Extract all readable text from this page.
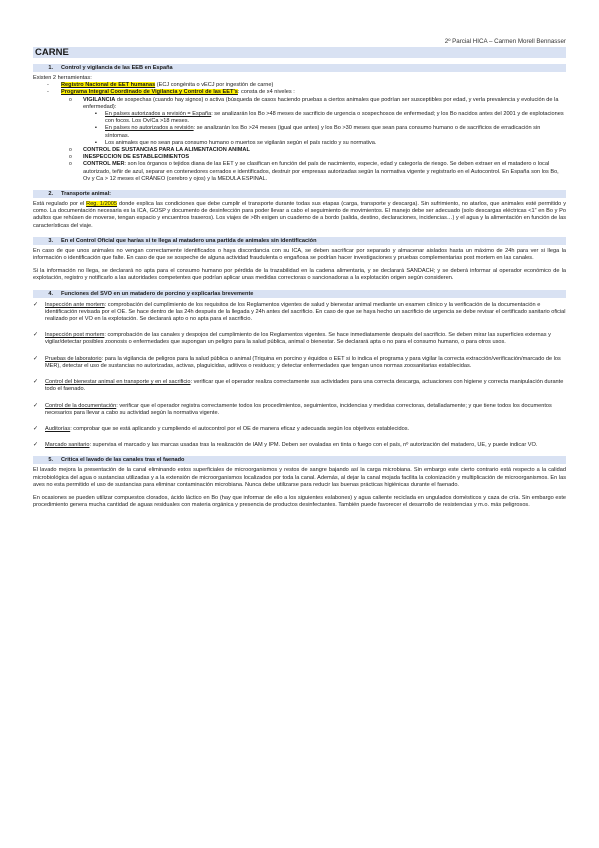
2º Parcial HICA – Carmen Morell Bennasser
CARNE
1. Control y vigilancia de las EEB en España

Existen 2 herramientas:

- Registro Nacional de EET humanas (ECJ congénita o vECJ por ingestión de carne)
- Programa Integral Coordinado de Vigilancia y Control de las EET’s: consta de x4 niveles :
o VIGILANCIA de sospechas (cuando hay signos) o activa (búsqueda de casos haciendo pruebas a ciertos animales que podrían ser susceptibles por edad, y verla prevalencia y evolución de la enfermedad):
▪ En países autorizados a revisión = España: se analizarán los Bo >48 meses de sacrificio de urgencia o sospechosos de enfermedad; y los Bo nacidos antes del 2001 y de explotaciones con focos. Los Ov/Ca >18 meses.
▪ En países no autorizados a revisión: se analizarán los Bo >24 meses (igual que antes) y los Bo >30 meses que sean para consumo humano o de sacrificios de erradicación sin síntomas.
▪ Los animales que no sean para consumo humano o muertos se vigilarán según el país racido y su normativa.
o CONTROL DE SUSTANCIAS PARA LA ALIMENTACION ANIMAL
o INESPECCION DE ESTABLECIMIENTOS
o CONTROL MER: son los órganos o tejidos diana de las EET y se clasifican en función del país de nacimiento, especie, edad y categoría de riesgo. Se deben extraer en el matadero o local autorizado, teñir de azul, separar en contenedores cerrados e identificados, destruir por empresas autorizadas según la normativa vigente y registrarlo en el Autocontrol. En España son los Bo, Ov y Ca > 12 meses el CRÁNEO (cerebro y ojos) y la MEDULA ESPINAL.
2. Transporte animal:

Está regulado por el Reg. 1/2005 donde explica las condiciones que debe cumplir el transporte durante todas sus etapas (carga, transporte y descarga). Sin sufrimiento, no atarlos, que animales esté permitido y como. La documentación necesaria es la ICA, GOSP y documento de desinfección para poder llevar a cabo el seguimiento de movimientos. El manejo debe ser adecuado (solo descargas eléctricas <1” en Bo y Po adultos que rehúsen de moverse, tengan espacio y encuentros traseros). Los viajes de >8h exigen un cuaderno de a bordo (salida, destino, declaraciones, incidencias…) y el agua y la alimentación en función de las características del viaje.

3. En el Control Oficial que harías si te llega al matadero una partida de animales sin identificación

En caso de que unos animales no vengan correctamente identificados o haya discordancia con su ICA, se deben sacrificar por separado y almacenar aislados hasta un máximo de 24h para ver si llega la información o identificación que falte. En caso de que se sospeche de alguna actividad fraudulenta o engañosa se podrían hacer investigaciones y pruebas complementarias post mortem en las canales.

Si la información no llega, se declarará no apta para el consumo humano por pérdida de la trazabilidad en la cadena alimentaria, y se declarará SANDACH; y se deberá informar al operador económico de la explotación, registro y notificarlo a las autoridades competentes que podrían aplicar unas medidas correctoras o sancionadoras a la explotación origen según consideren.

4. Funciones del SVO en un matadero de porcino y explicarlas brevemente
✓ Inspección ante mortem: comprobación del cumplimiento de los requisitos de los Reglamentos vigentes de salud y bienestar animal mediante un examen clínico y la verificación de la documentación e identificación revisada por el OE. Se hace dentro de las 24h después de la llegada y 24h antes del sacrificio. En caso de que se haya hecho un sacrificio de urgencia se debe revisar el certificado sanitario oficial realizado por el VO en la explotación. Se declarará apto o no apta para el sacrificio.
✓ Inspección post mortem: comprobación de las canales y despojos del cumplimiento de los Reglamentos vigentes. Se hace inmediatamente después del sacrificio. Se deben mirar las superficies externas y vigilar/detectar posibles zoonosis o enfermedades que supongan un peligro para la salud pública, animal o bienestar. Se declarará apta o no para el consumo humano, o para otros usos.
✓ Pruebas de laboratorio: para la vigilancia de peligros para la salud pública o animal (Triquina en porcino y équidos o EET si lo indica el programa y para vigilar la correcta extracción/verificación/marcado de los MER), detectar el uso de sustancias no autorizadas, activas, plaguicidas, aditivos o residuos; y detectar enfermedades que tengan unos normas zoosanitarias establecidas.
✓ Control del bienestar animal en transporte y en el sacrificio: verificar que el operador realiza correctamente sus actividades para una correcta descarga, actuaciones con higiene y correcta manipulación durante todo el faenado.
✓ Control de la documentación: verificar que el operador registra correctamente todos los procedimientos, seguimientos, incidencias y medidas correctoras, detalladamente; y que tiene todos los documentos necesarios para llevar a cabo su actividad según la normativa vigente.
✓ Auditorías: comprobar que se está aplicando y cumpliendo el autocontrol por el OE de manera eficaz y adecuada según los objetivos establecidos.
✓ Marcado sanitario: supervisa el marcado y las marcas usadas tras la realización de IAM y IPM. Deben ser ovaladas en tinta o fuego con el país, nº autorización del matadero, UE, y puede indicar VO.
5. Critica el lavado de las canales tras el faenado

El lavado mejora la presentación de la canal eliminando estos superficiales de microorganismos y restos de sangre bajando así la carga microbiana. Sin embargo este cierto contrario está respecto a la calidad microbiológica del agua o sustancias utilizadas y a la extensión de microorganismos localizados por toda la canal. Además, al dejar la canal mojada facilita la colonización y multiplicación de microorganismos. En las aves no esta permitido el uso de sustancias para eliminar contaminación microbiana. Nunca debe utilizarse para reducir las buenas prácticas higiénicas durante el faenado.

En ocasiones se pueden utilizar compuestos clorados, ácido láctico en Bo (hay que informar de ello a los siguientes eslabones) y agua caliente reciclada en ungulados domésticos y caza de cría. Sin embargo este procedimiento genera mucha cantidad de aguas residuales con materia orgánica y presencia de productos desinfectantes. También puede favorecer el desarrollo de resistencias y m.o. más peligrosos.
